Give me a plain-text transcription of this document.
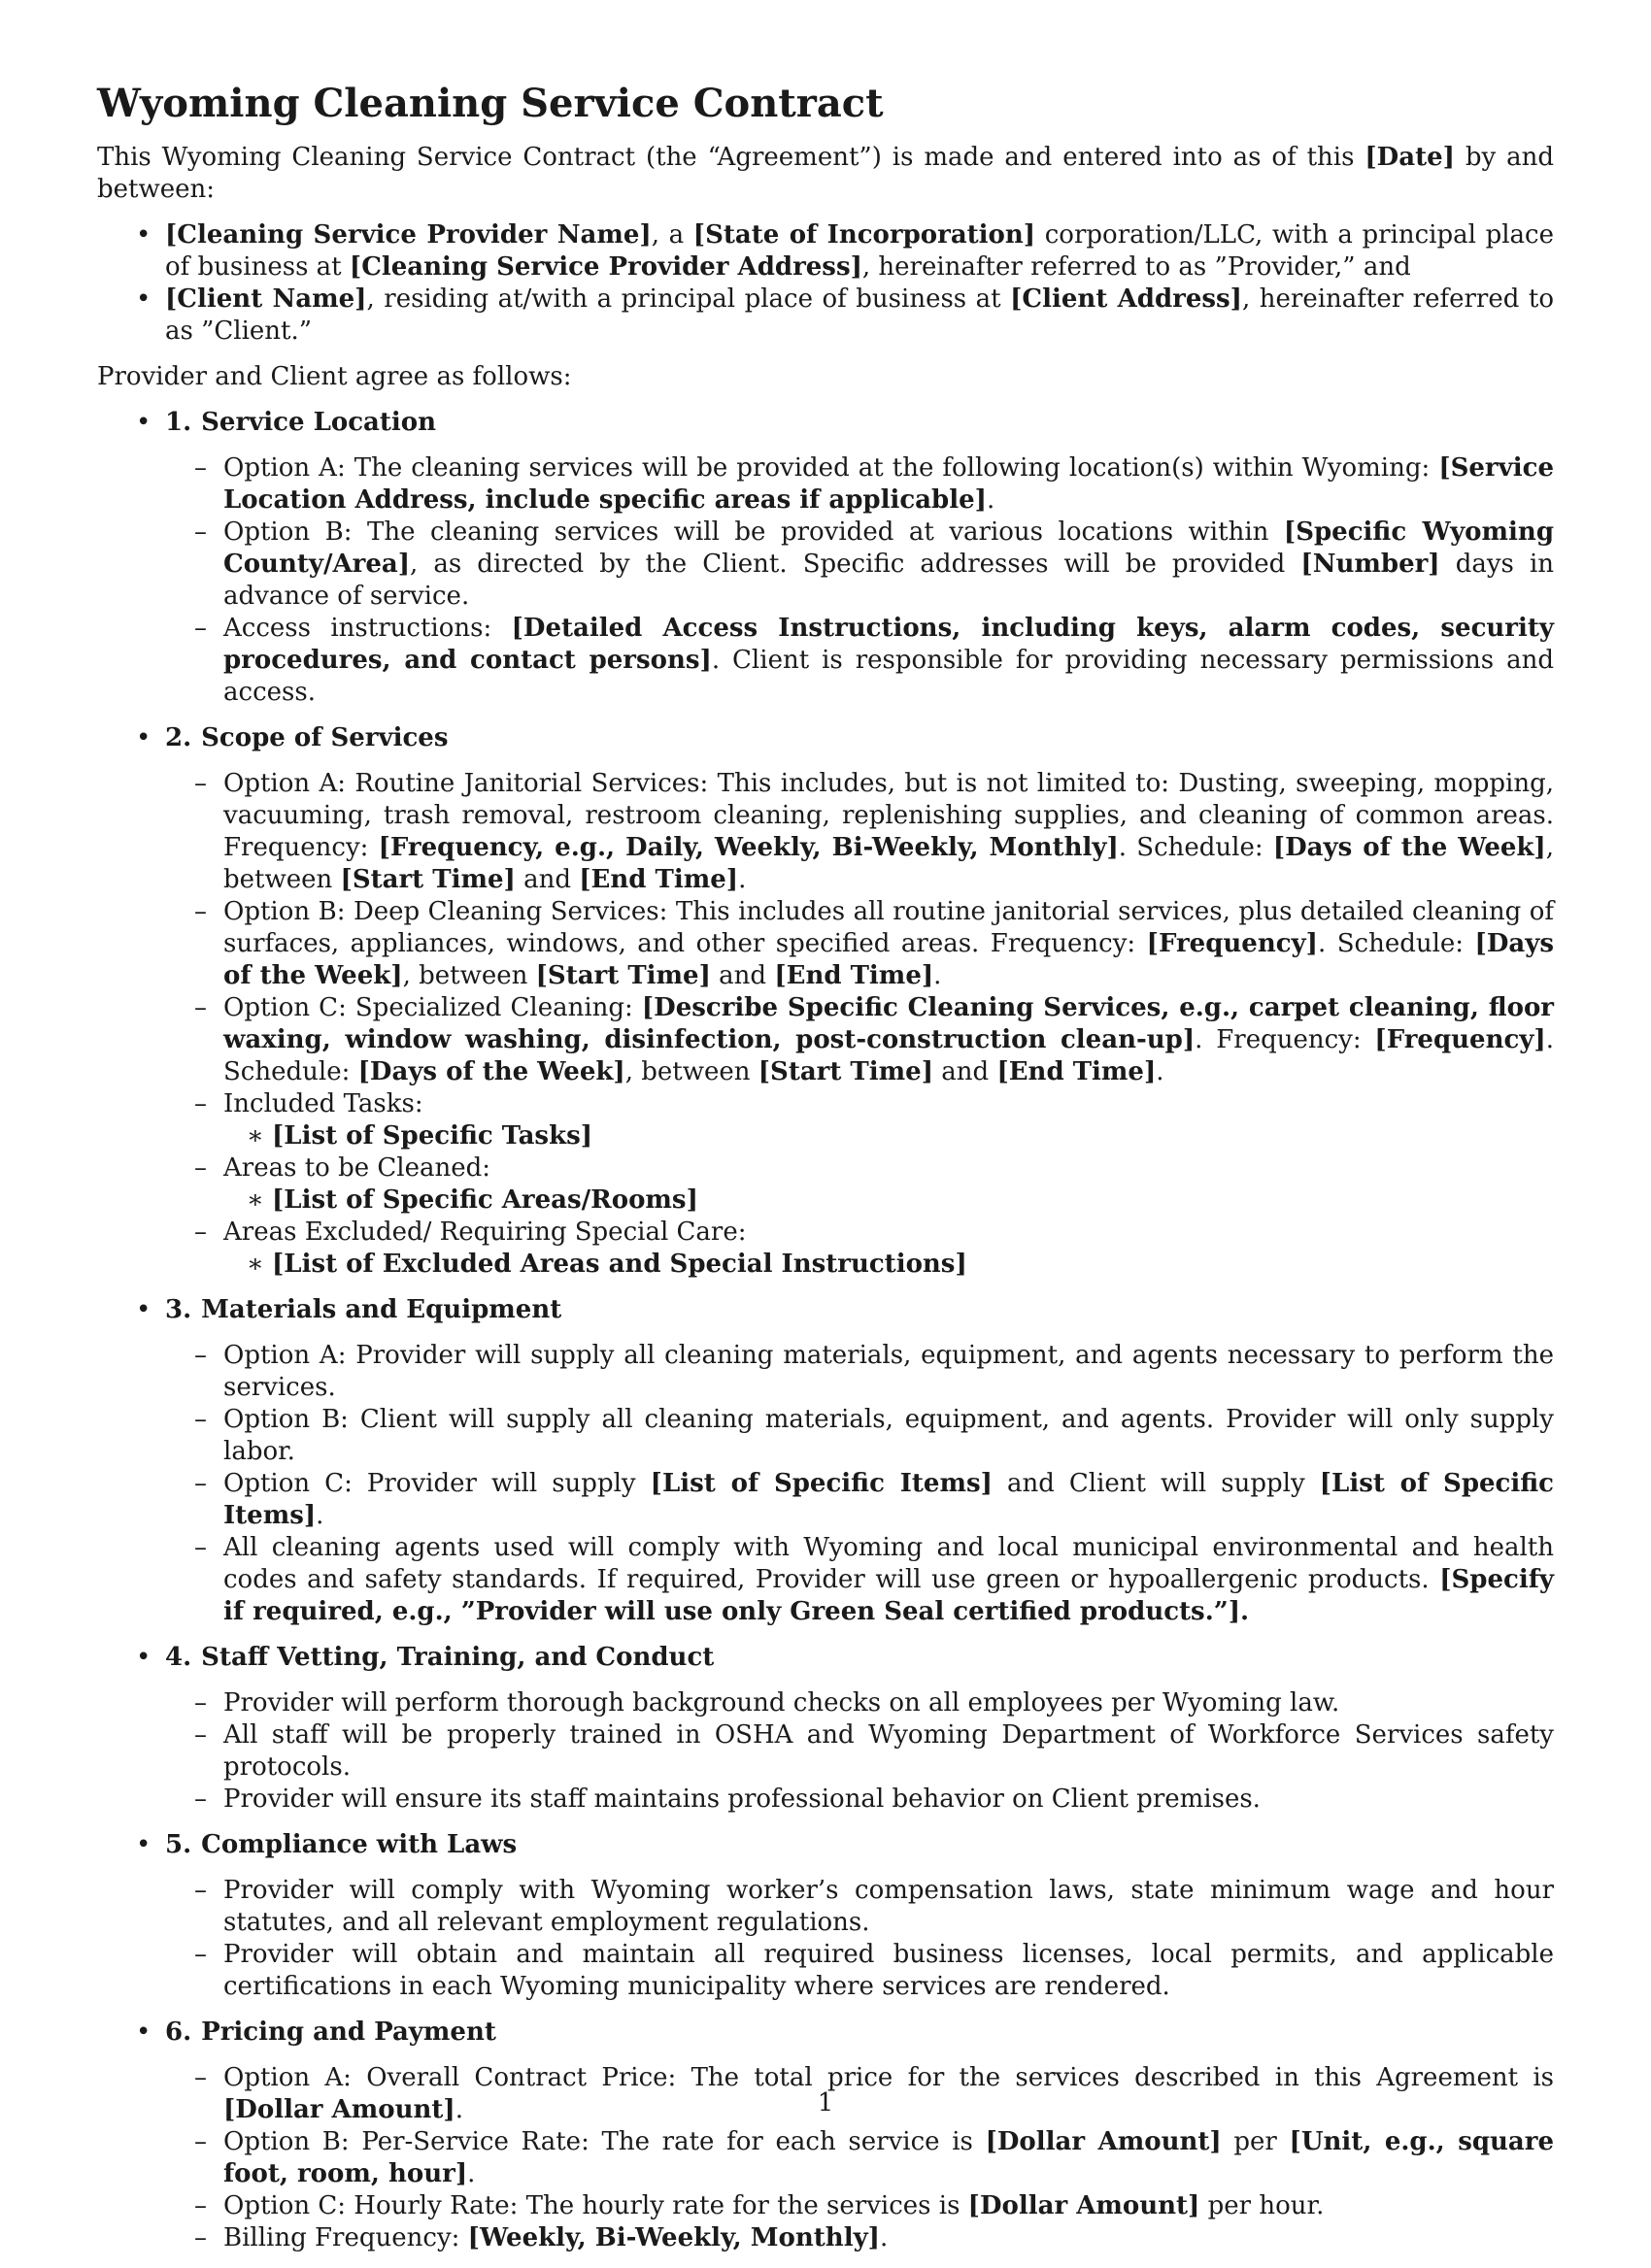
Wyoming Cleaning Service Contract

This Wyoming Cleaning Service Contract (the “Agreement”) is made and entered into as of this [Date] by and between:

• [Cleaning Service Provider Name], a [State of Incorporation] corporation/LLC, with a principal place of business at [Cleaning Service Provider Address], hereinafter referred to as ”Provider,” and
• [Client Name], residing at/with a principal place of business at [Client Address], hereinafter referred to as ”Client.”

Provider and Client agree as follows:

• 1. Service Location
– Option A: The cleaning services will be provided at the following location(s) within Wyoming: [Service Location Address, include specific areas if applicable].
– Option B: The cleaning services will be provided at various locations within [Specific Wyoming County/Area], as directed by the Client. Specific addresses will be provided [Number] days in advance of service.
– Access instructions: [Detailed Access Instructions, including keys, alarm codes, security procedures, and contact persons]. Client is responsible for providing necessary permissions and access.
• 2. Scope of Services
– Option A: Routine Janitorial Services: This includes, but is not limited to: Dusting, sweeping, mopping, vacuuming, trash removal, restroom cleaning, replenishing supplies, and cleaning of common areas. Frequency: [Frequency, e.g., Daily, Weekly, Bi-Weekly, Monthly]. Schedule: [Days of the Week], between [Start Time] and [End Time].
– Option B: Deep Cleaning Services: This includes all routine janitorial services, plus detailed cleaning of surfaces, appliances, windows, and other specified areas. Frequency: [Frequency]. Schedule: [Days of the Week], between [Start Time] and [End Time].
– Option C: Specialized Cleaning: [Describe Specific Cleaning Services, e.g., carpet cleaning, floor waxing, window washing, disinfection, post-construction clean-up]. Frequency: [Frequency]. Schedule: [Days of the Week], between [Start Time] and [End Time].
– Included Tasks:
∗ [List of Specific Tasks]
– Areas to be Cleaned:
∗ [List of Specific Areas/Rooms]
– Areas Excluded/ Requiring Special Care:
∗ [List of Excluded Areas and Special Instructions]
• 3. Materials and Equipment
– Option A: Provider will supply all cleaning materials, equipment, and agents necessary to perform the services.
– Option B: Client will supply all cleaning materials, equipment, and agents. Provider will only supply labor.
– Option C: Provider will supply [List of Specific Items] and Client will supply [List of Specific Items].
– All cleaning agents used will comply with Wyoming and local municipal environmental and health codes and safety standards. If required, Provider will use green or hypoallergenic products. [Specify if required, e.g., ”Provider will use only Green Seal certified products.”].
• 4. Staff Vetting, Training, and Conduct
– Provider will perform thorough background checks on all employees per Wyoming law.
– All staff will be properly trained in OSHA and Wyoming Department of Workforce Services safety protocols.
– Provider will ensure its staff maintains professional behavior on Client premises.
• 5. Compliance with Laws
– Provider will comply with Wyoming worker’s compensation laws, state minimum wage and hour statutes, and all relevant employment regulations.
– Provider will obtain and maintain all required business licenses, local permits, and applicable certifications in each Wyoming municipality where services are rendered.
• 6. Pricing and Payment
– Option A: Overall Contract Price: The total price for the services described in this Agreement is [Dollar Amount].
– Option B: Per-Service Rate: The rate for each service is [Dollar Amount] per [Unit, e.g., square foot, room, hour].
– Option C: Hourly Rate: The hourly rate for the services is [Dollar Amount] per hour.
– Billing Frequency: [Weekly, Bi-Weekly, Monthly].
1
